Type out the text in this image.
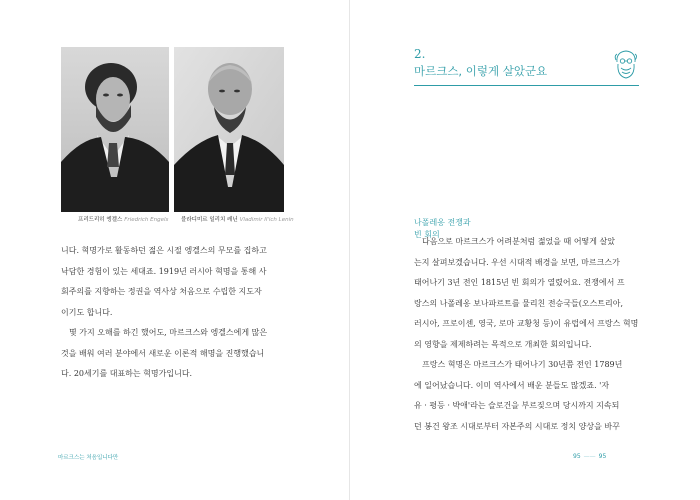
프리드리히 엥겔스 Friedrich Engels 블라디미르 일리치 레닌 Vladimir Il'ich Lenin

니다. 혁명가로 활동하던 젊은 시절 엥겔스의 무모를 집하고

낙담한 경험이 있는 세대죠. 1919년 러시아 혁명을 통해 사

회주의를 지향하는 정권을 역사상 처음으로 수립한 지도자

이기도 합니다.

몇 가지 오해를 하긴 했어도, 마르크스와 엥겔스에게 많은

것을 배워 여러 분야에서 새로운 이론적 해명을 진행했습니

다. 20세기를 대표하는 혁명가입니다.

마르크스는 처음입니다만
2.
마르크스, 이렇게 살았군요
나폴레옹 전쟁과
빈 회의

다음으로 마르크스가 어려분처럼 젊었을 때 어떻게 살았

는지 살펴보겠습니다. 우선 시대적 배경을 보면, 마르크스가

태어나기 3년 전인 1815년 빈 회의가 열렸어요. 전쟁에서 프

랑스의 나폴레옹 보나파르트를 물리친 전승국들(오스트리아,

러시아, 프로이센, 영국, 로마 교황청 등)이 유럽에서 프랑스 혁명

의 영향을 제제하려는 목적으로 개최한 회의입니다.

프랑스 혁명은 마르크스가 태어나기 30년쯤 전인 1789년

에 일어났습니다. 이미 역사에서 배운 분들도 많겠죠. '자

유 · 평등 · 박애'라는 슬로건을 부르짖으며 당시까지 지속되

던 봉건 왕조 시대로부터 자본주의 시대로 정치 양상을 바꾸

95 —— 95
